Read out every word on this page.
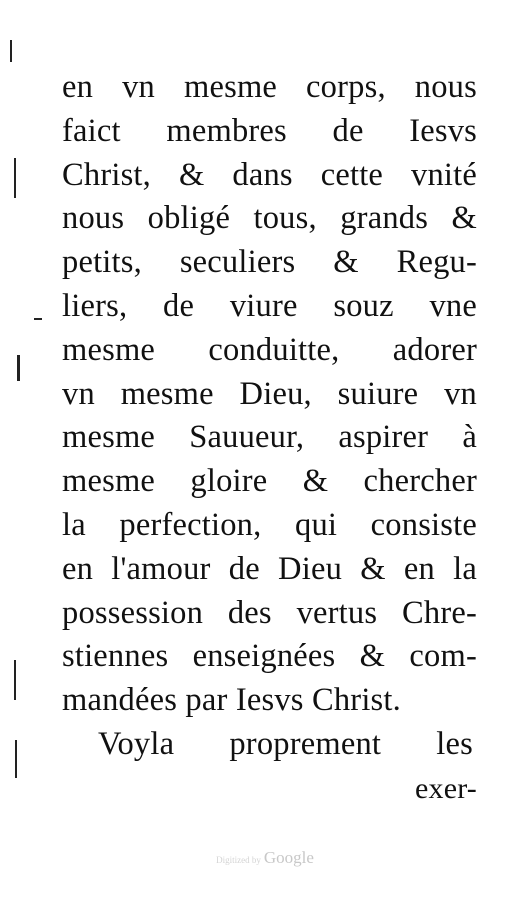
en vn mesme corps, nous
faict membres de Iesvs
Christ, & dans cette vnité
nous obligé tous, grands &
petits, seculiers & Regu-
liers, de viure souz vne
mesme conduitte, adorer
vn mesme Dieu, suiure vn
mesme Sauueur, aspirer à
mesme gloire & chercher
la perfection, qui consiste
en l'amour de Dieu & en la
possession des vertus Chre-
stiennes enseignées & com-
mandées par Iesvs Christ.
Voyla proprement les
exer-
Digitized by Google
